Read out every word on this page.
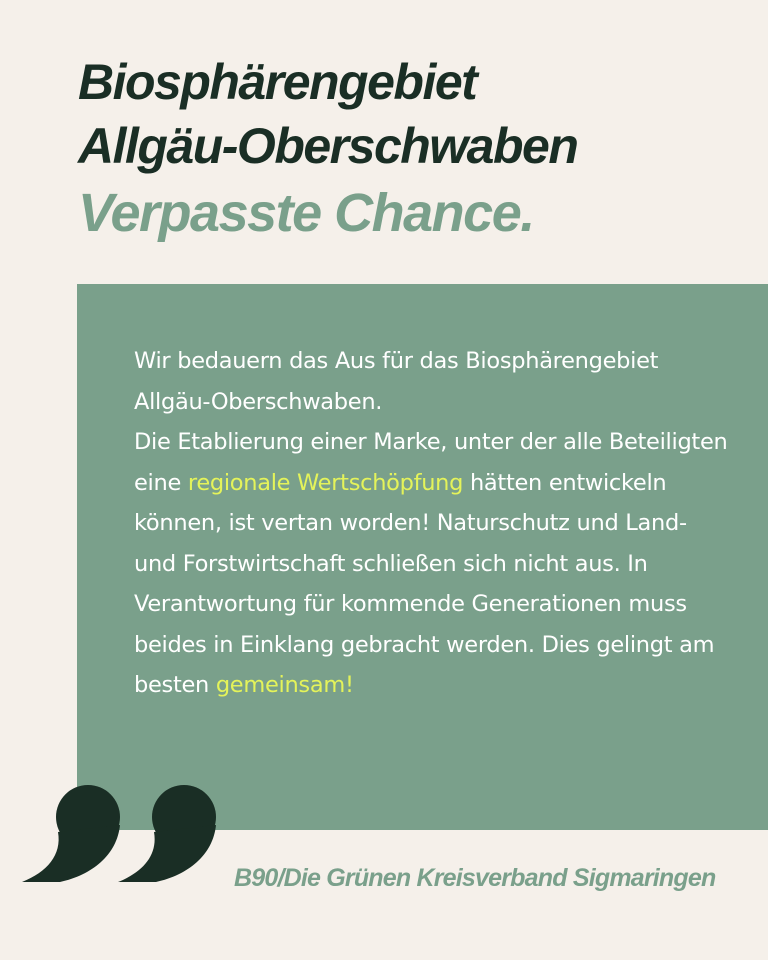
Biosphärengebiet
Allgäu-Oberschwaben
Verpasste Chance.

Wir bedauern das Aus für das Biosphärengebiet Allgäu-Oberschwaben.
Die Etablierung einer Marke, unter der alle Beteiligten eine regionale Wertschöpfung hätten entwickeln können, ist vertan worden! Naturschutz und Land- und Forstwirtschaft schließen sich nicht aus. In Verantwortung für kommende Generationen muss beides in Einklang gebracht werden. Dies gelingt am besten gemeinsam!

B90/Die Grünen Kreisverband Sigmaringen
